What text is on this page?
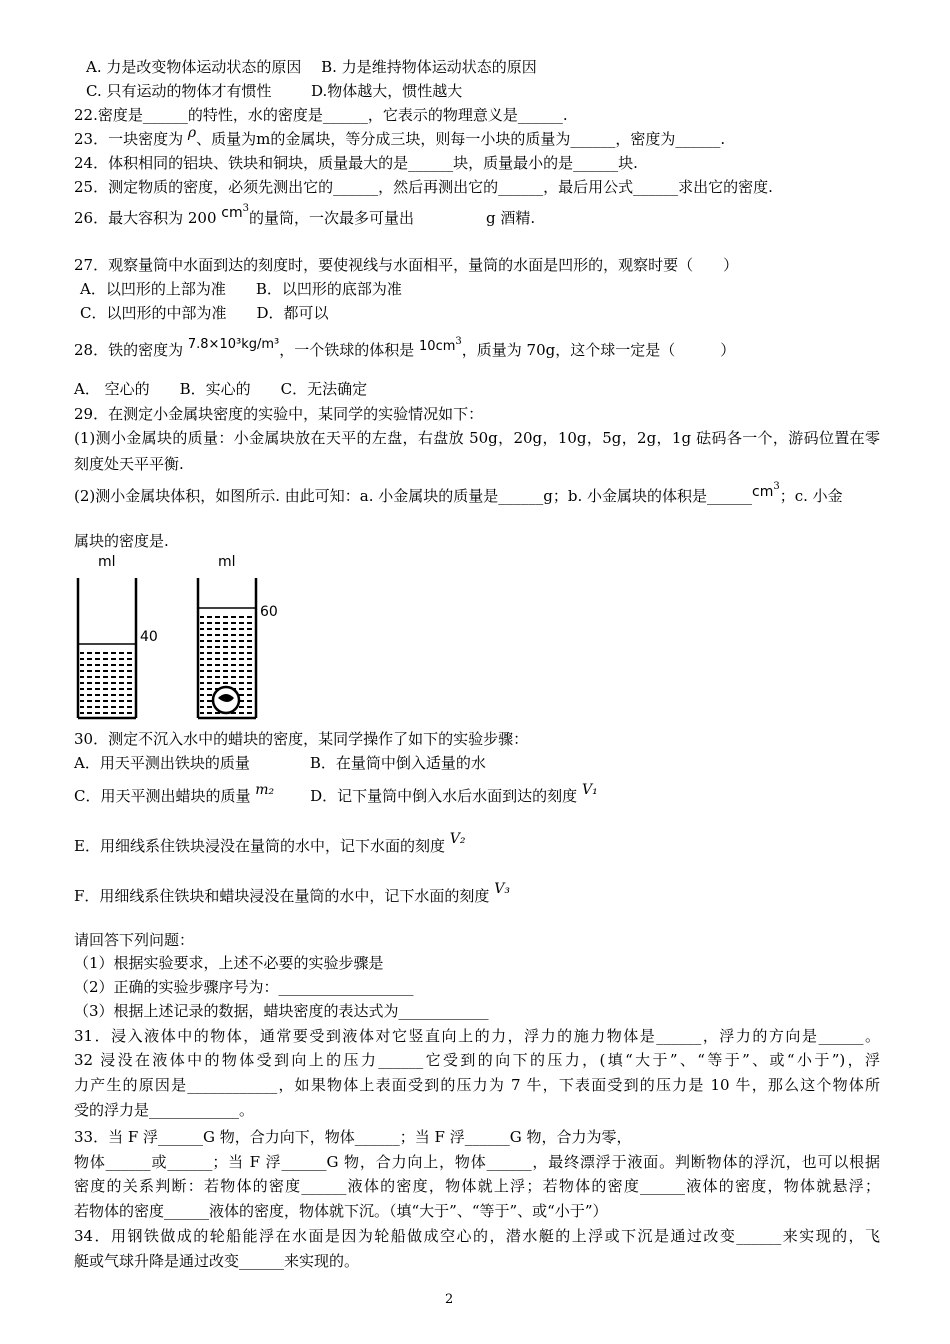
A. 力是改变物体运动状态的原因 　B. 力是维持物体运动状态的原因
C. 只有运动的物体才有惯性 　　 D.物体越大，惯性越大
22.密度是______的特性，水的密度是______，它表示的物理意义是______.
23．一块密度为 ρ、质量为m的金属块，等分成三块，则每一小块的质量为______，密度为______.
24．体积相同的铝块、铁块和铜块，质量最大的是______块，质量最小的是______块.
25．测定物质的密度，必须先测出它的______，然后再测出它的______，最后用公式______求出它的密度.
26．最大容积为 200 $cm^3$的量筒，一次最多可量出	g 酒精.
27．观察量筒中水面到达的刻度时，要使视线与水面相平，量筒的水面是凹形的，观察时要（　　）
A．以凹形的上部为准　　B．以凹形的底部为准
C．以凹形的中部为准　　D．都可以
28．铁的密度为 7.8×10³kg/m³，一个铁球的体积是 $10cm^3$，质量为 70g，这个球一定是（　　　）
A． 空心的　　B．实心的　　C．无法确定
29．在测定小金属块密度的实验中，某同学的实验情况如下：
(1)测小金属块的质量：小金属块放在天平的左盘，右盘放 50g，20g，10g，5g，2g，1g 砝码各一个，游码位置在零
刻度处天平平衡.
(2)测小金属块体积，如图所示. 由此可知：a. 小金属块的质量是______g；b. 小金属块的体积是$\_\_\_\_\_\_cm^3$；c. 小金
属块的密度是.
ml
40
ml
60
30．测定不沉入水中的蜡块的密度，某同学操作了如下的实验步骤：
A．用天平测出铁块的质量　　　　B．在量筒中倒入适量的水
C．用天平测出蜡块的质量 m₂ D．记下量筒中倒入水后水面到达的刻度 V₁
E．用细线系住铁块浸没在量筒的水中，记下水面的刻度 V₂
F．用细线系住铁块和蜡块浸没在量筒的水中，记下水面的刻度 V₃
请回答下列问题：
（1）根据实验要求，上述不必要的实验步骤是
（2）正确的实验步骤序号为：__________________
（3）根据上述记录的数据，蜡块密度的表达式为____________
31．浸入液体中的物体，通常要受到液体对它竖直向上的力，浮力的施力物体是______，浮力的方向是______。
32 浸没在液体中的物体受到向上的压力______它受到的向下的压力，(填“大于”、“等于”、或“小于”)，浮
力产生的原因是____________，如果物体上表面受到的压力为 7 牛，下表面受到的压力是 10 牛，那么这个物体所
受的浮力是____________。
33．当 F 浮______G 物，合力向下，物体______；当 F 浮______G 物，合力为零，
物体______或______；当 F 浮______G 物，合力向上，物体______，最终漂浮于液面。判断物体的浮沉，也可以根据
密度的关系判断：若物体的密度______液体的密度，物体就上浮；若物体的密度______液体的密度，物体就悬浮；
若物体的密度______液体的密度，物体就下沉。（填“大于”、“等于”、或“小于”）
34．用钢铁做成的轮船能浮在水面是因为轮船做成空心的，潜水艇的上浮或下沉是通过改变______来实现的，飞
艇或气球升降是通过改变______来实现的。
2
